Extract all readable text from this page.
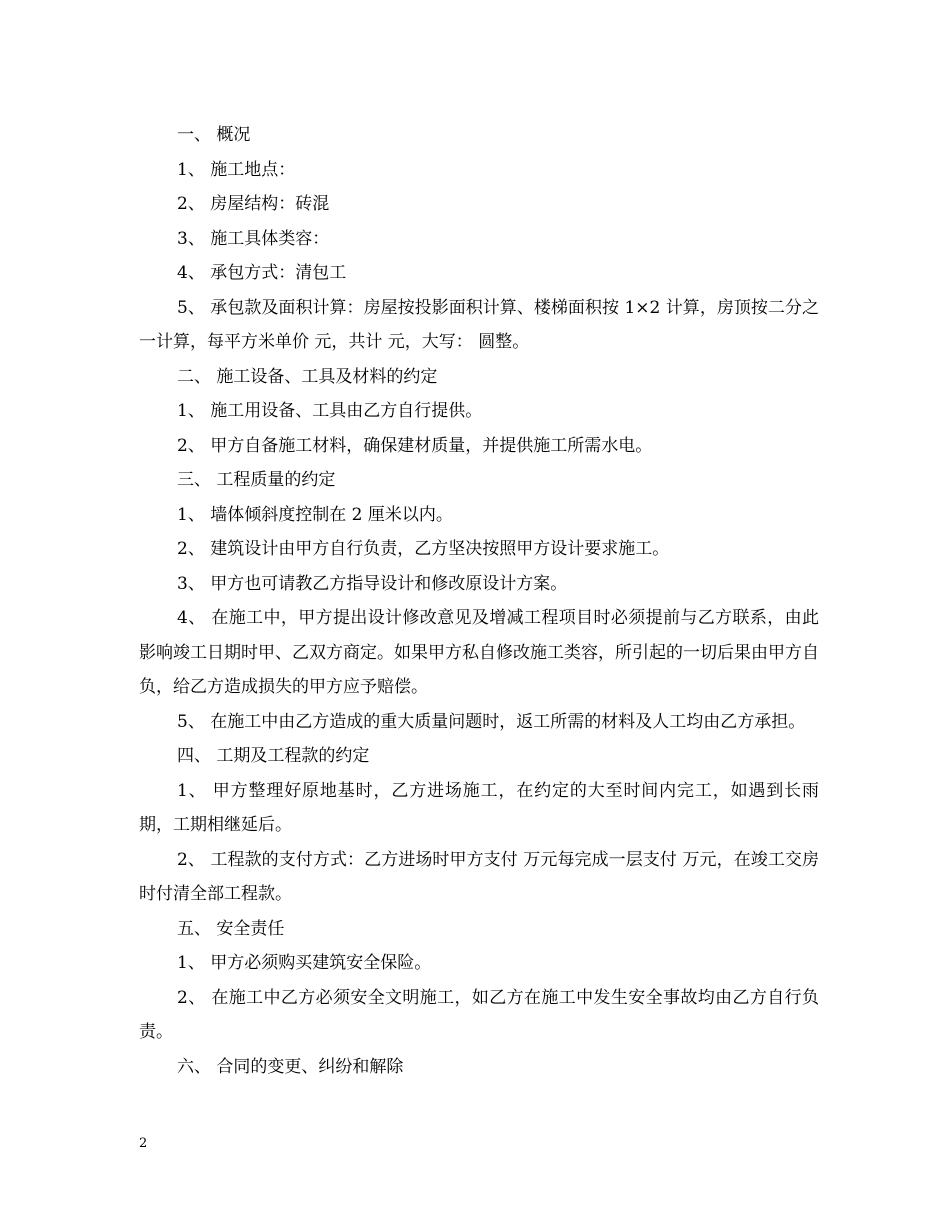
一、 概况

1、 施工地点：

2、 房屋结构：砖混

3、 施工具体类容：

4、 承包方式：清包工

5、 承包款及面积计算：房屋按投影面积计算、楼梯面积按 1×2 计算，房顶按二分之一计算，每平方米单价 元，共计 元，大写： 圆整。

二、 施工设备、工具及材料的约定

1、 施工用设备、工具由乙方自行提供。

2、 甲方自备施工材料，确保建材质量，并提供施工所需水电。

三、 工程质量的约定

1、 墙体倾斜度控制在 2 厘米以内。

2、 建筑设计由甲方自行负责，乙方坚决按照甲方设计要求施工。

3、 甲方也可请教乙方指导设计和修改原设计方案。

4、 在施工中，甲方提出设计修改意见及增减工程项目时必须提前与乙方联系，由此影响竣工日期时甲、乙双方商定。如果甲方私自修改施工类容，所引起的一切后果由甲方自负，给乙方造成损失的甲方应予赔偿。

5、 在施工中由乙方造成的重大质量问题时，返工所需的材料及人工均由乙方承担。

四、 工期及工程款的约定

1、 甲方整理好原地基时，乙方进场施工，在约定的大至时间内完工，如遇到长雨期，工期相继延后。

2、 工程款的支付方式：乙方进场时甲方支付 万元每完成一层支付 万元，在竣工交房时付清全部工程款。

五、 安全责任

1、 甲方必须购买建筑安全保险。

2、 在施工中乙方必须安全文明施工，如乙方在施工中发生安全事故均由乙方自行负责。

六、 合同的变更、纠纷和解除

2
